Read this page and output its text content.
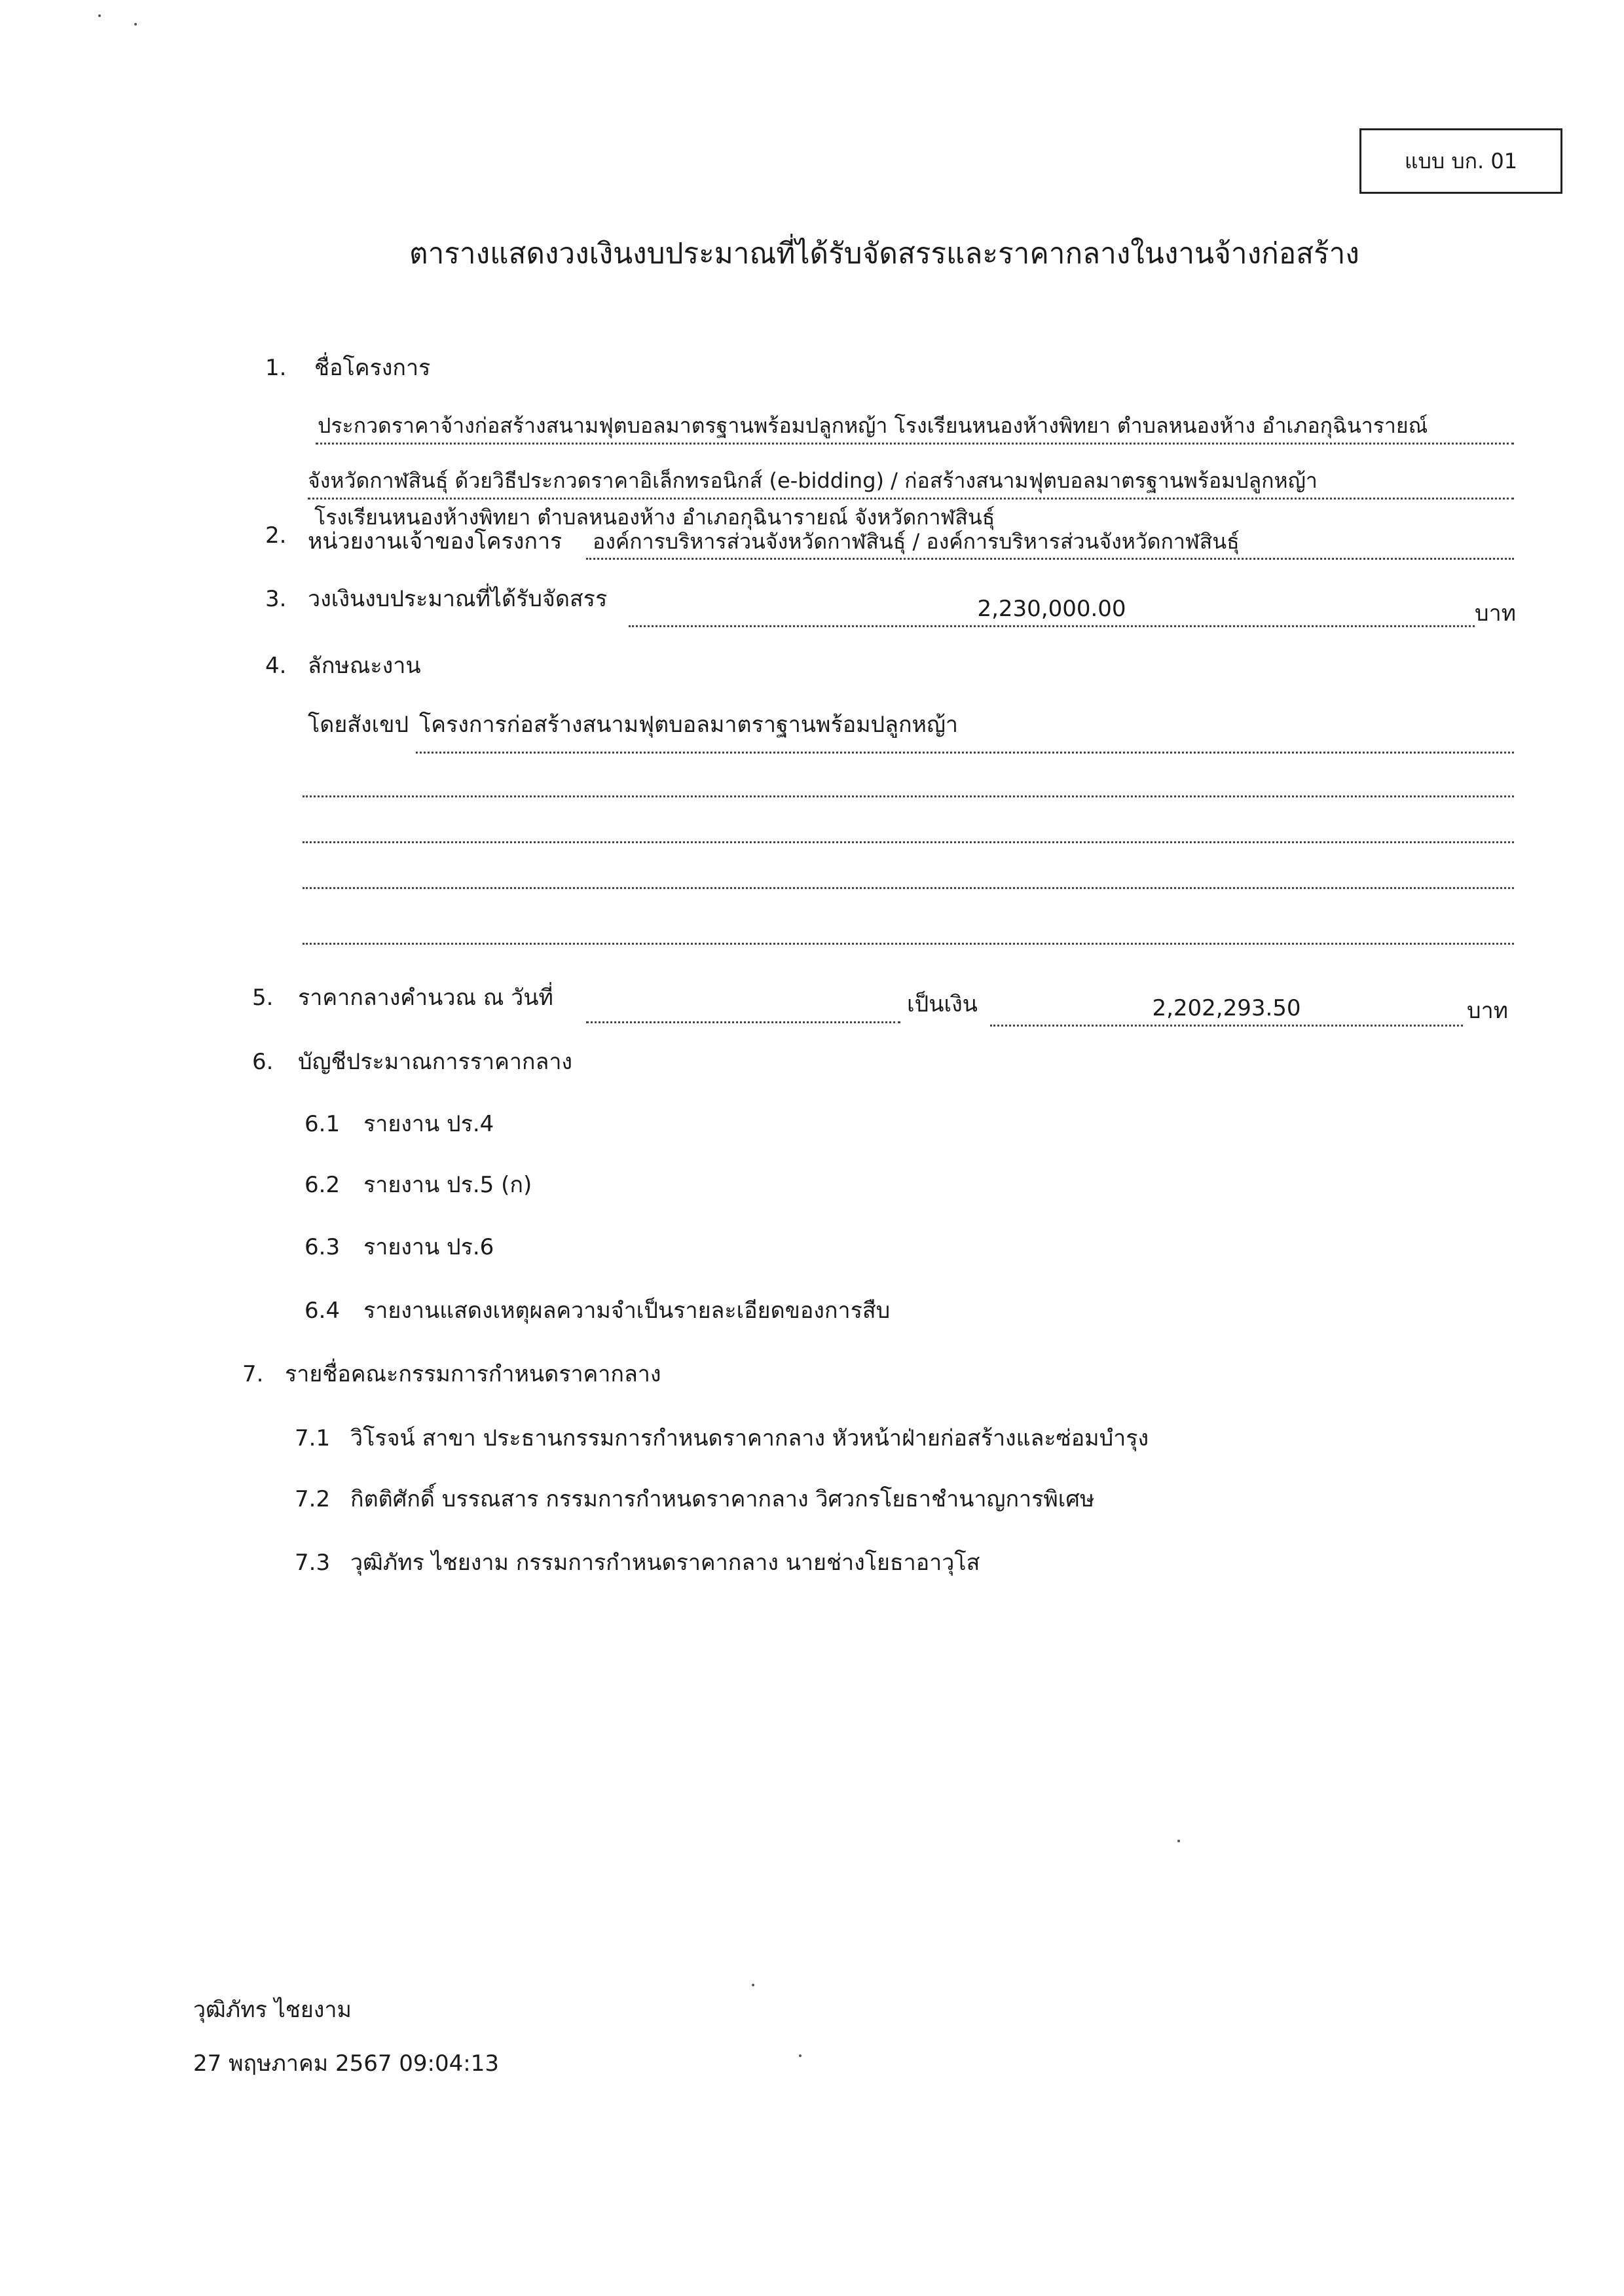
แบบ บก. 01
ตารางแสดงวงเงินงบประมาณที่ได้รับจัดสรรและราคากลางในงานจ้างก่อสร้าง
1. ชื่อโครงการ
ประกวดราคาจ้างก่อสร้างสนามฟุตบอลมาตรฐานพร้อมปลูกหญ้า โรงเรียนหนองห้างพิทยา ตำบลหนองห้าง อำเภอกุฉินารายณ์
จังหวัดกาฬสินธุ์ ด้วยวิธีประกวดราคาอิเล็กทรอนิกส์ (e-bidding) / ก่อสร้างสนามฟุตบอลมาตรฐานพร้อมปลูกหญ้า
โรงเรียนหนองห้างพิทยา ตำบลหนองห้าง อำเภอกุฉินารายณ์ จังหวัดกาฬสินธุ์
2. หน่วยงานเจ้าของโครงการ องค์การบริหารส่วนจังหวัดกาฬสินธุ์ / องค์การบริหารส่วนจังหวัดกาฬสินธุ์
3. วงเงินงบประมาณที่ได้รับจัดสรร	2,230,000.00	บาท
4. ลักษณะงาน
โดยสังเขป โครงการก่อสร้างสนามฟุตบอลมาตราฐานพร้อมปลูกหญ้า
5. ราคากลางคำนวณ ณ วันที่	เป็นเงิน	2,202,293.50	บาท
6. บัญชีประมาณการราคากลาง
6.1 รายงาน ปร.4
6.2 รายงาน ปร.5 (ก)
6.3 รายงาน ปร.6
6.4 รายงานแสดงเหตุผลความจำเป็นรายละเอียดของการสืบ
7. รายชื่อคณะกรรมการกำหนดราคากลาง
7.1 วิโรจน์ สาขา ประธานกรรมการกำหนดราคากลาง หัวหน้าฝ่ายก่อสร้างและซ่อมบำรุง
7.2 กิตติศักดิ์ บรรณสาร กรรมการกำหนดราคากลาง วิศวกรโยธาชำนาญการพิเศษ
7.3 วุฒิภัทร ไชยงาม กรรมการกำหนดราคากลาง นายช่างโยธาอาวุโส
วุฒิภัทร ไชยงาม
27 พฤษภาคม 2567 09:04:13
